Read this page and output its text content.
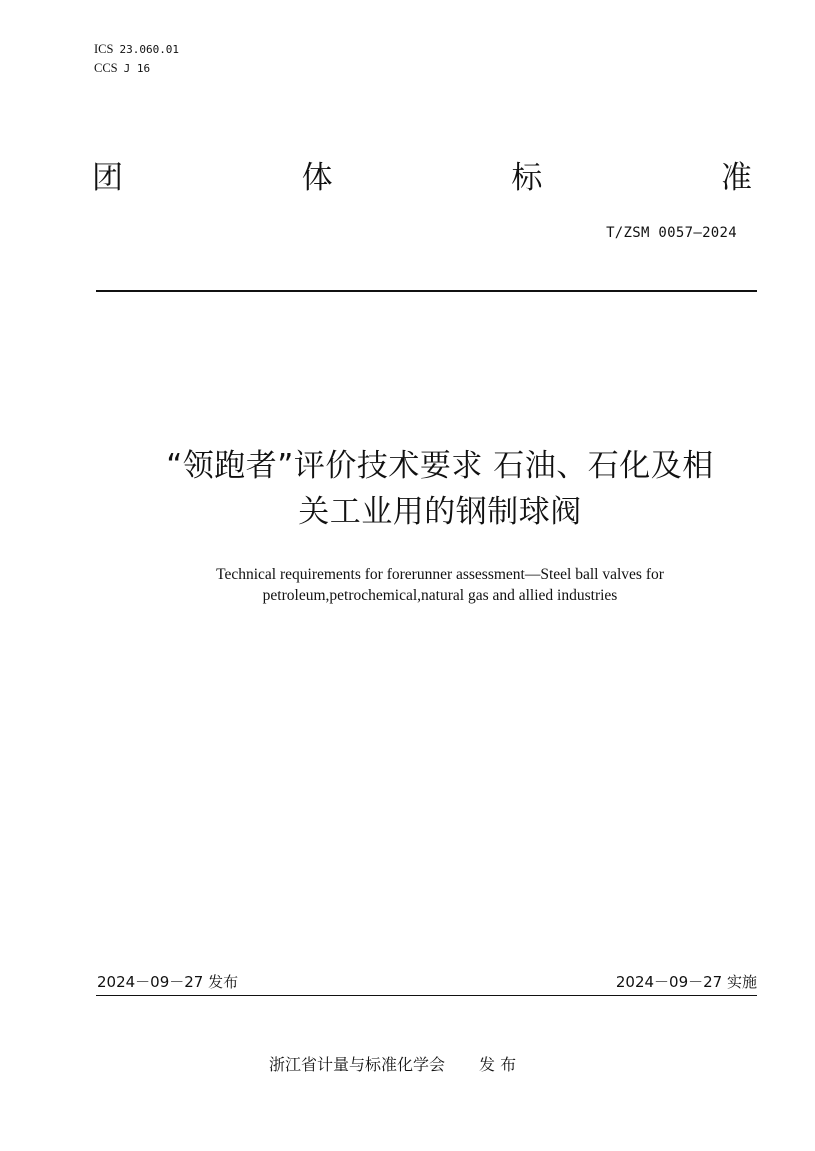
ICS 23.060.01
CCS J 16
团	体	标	准
T/ZSM 0057—2024
“领跑者”评价技术要求 石油、石化及相
关工业用的钢制球阀
Technical requirements for forerunner assessment—Steel ball valves for
petroleum,petrochemical,natural gas and allied industries
2024－09－27 发布	2024－09－27 实施
浙江省计量与标准化学会 发 布
